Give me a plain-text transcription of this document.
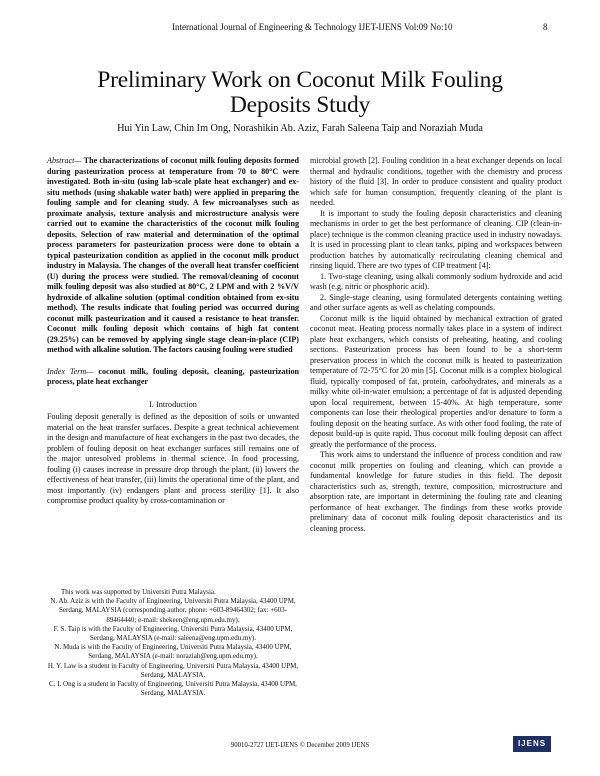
International Journal of Engineering & Technology IJET-IJENS Vol:09 No:10	8
Preliminary Work on Coconut Milk Fouling Deposits Study
Hui Yin Law, Chin Im Ong, Norashikin Ab. Aziz, Farah Saleena Taip and Noraziah Muda

Abstract— The characterizations of coconut milk fouling deposits formed during pasteurization process at temperature from 70 to 80°C were investigated. Both in-situ (using lab-scale plate heat exchanger) and ex-situ methods (using shakable water bath) were applied in preparing the fouling sample and for cleaning study. A few microanalyses such as proximate analysis, texture analysis and microstructure analysis were carried out to examine the characteristics of the coconut milk fouling deposits. Selection of raw material and determination of the optimal process parameters for pasteurization process were done to obtain a typical pasteurization condition as applied in the coconut milk product industry in Malaysia. The changes of the overall heat transfer coefficient (U) during the process were studied. The removal/cleaning of coconut milk fouling deposit was also studied at 80°C, 2 LPM and with 2 %V/V hydroxide of alkaline solution (optimal condition obtained from ex-situ method). The results indicate that fouling period was occurred during coconut milk pasteurization and it caused a resistance to heat transfer. Coconut milk fouling deposit which contains of high fat content (29.25%) can be removed by applying single stage clean-in-place (CIP) method with alkaline solution. The factors causing fouling were studied

Index Term— coconut milk, fouling deposit, cleaning, pasteurization process, plate heat exchanger

I. Introduction

Fouling deposit generally is defined as the deposition of soils or unwanted material on the heat transfer surfaces. Despite a great technical achievement in the design and manufacture of heat exchangers in the past two decades, the problem of fouling deposit on heat exchanger surfaces still remains one of the major unresolved problems in thermal science. In food processing, fouling (i) causes increase in pressure drop through the plant, (ii) lowers the effectiveness of heat transfer, (iii) limits the operational time of the plant, and most importantly (iv) endangers plant and process sterility [1]. It also compromise product quality by cross-contamination or

This work was supported by Universiti Putra Malaysia.

N. Ab. Aziz is with the Faculty of Engineering, Universiti Putra Malaysia, 43400 UPM, Serdang, MALAYSIA (corresponding author, phone: +603-89464302; fax: +603-89464440; e-mail: shekeen@eng.upm.edu.my).

F. S. Taip is with the Faculty of Engineering, Universiti Putra Malaysia, 43400 UPM, Serdang, MALAYSIA (e-mail: saleena@eng.upm.edu.my).

N. Muda is with the Faculty of Engineering, Universiti Putra Malaysia, 43400 UPM, Serdang, MALAYSIA (e-mail: noraziah@eng.upm.edu.my).

H. Y. Law is a student in Faculty of Engineering, Universiti Putra Malaysia, 43400 UPM, Serdang, MALAYSIA.

C. I. Ong is a student in Faculty of Engineering, Universiti Putra Malaysia, 43400 UPM, Serdang, MALAYSIA.

microbial growth [2]. Fouling condition in a heat exchanger depends on local thermal and hydraulic conditions, together with the chemistry and process history of the fluid [3]. In order to produce consistent and quality product which safe for human consumption, frequently cleaning of the plant is needed.

It is important to study the fouling deposit characteristics and cleaning mechanisms in order to get the best performance of cleaning. CIP (clean-in-place) technique is the common cleaning practice used in industry nowadays. It is used in processing plant to clean tanks, piping and workspaces between production batches by automatically recirculating cleaning chemical and rinsing liquid. There are two types of CIP treatment [4]:

1. Two-stage cleaning, using alkali commonly sodium hydroxide and acid wash (e.g. nitric or phosphoric acid).

2. Single-stage cleaning, using formulated detergents containing wetting and other surface agents as well as chelating compounds.

Coconut milk is the liquid obtained by mechanical extraction of grated coconut meat. Heating process normally takes place in a system of indirect plate heat exchangers, which consists of preheating, heating, and cooling sections. Pasteurization process has been found to be a short-term preservation process in which the coconut milk is heated to pasteurization temperature of 72-75°C for 20 min [5]. Coconut milk is a complex biological fluid, typically composed of fat, protein, carbohydrates, and minerals as a milky white oil-in-water emulsion; a percentage of fat is adjusted depending upon local requirement, between 15-40%. At high temperature, some components can lose their rheological properties and/or denature to form a fouling deposit on the heating surface. As with other food fouling, the rate of deposit build-up is quite rapid. Thus coconut milk fouling deposit can affect greatly the performance of the process.

This work aims to understand the influence of process condition and raw coconut milk properties on fouling and cleaning, which can provide a fundamental knowledge for future studies in this field. The deposit characteristics such as, strength, texture, composition, microstructure and absorption rate, are important in determining the fouling rate and cleaning performance of heat exchanger. The findings from these works provide preliminary data of coconut milk fouling deposit characteristics and its cleaning process.

90010-2727 IJET-IJENS © December 2009 IJENS	IJENS
